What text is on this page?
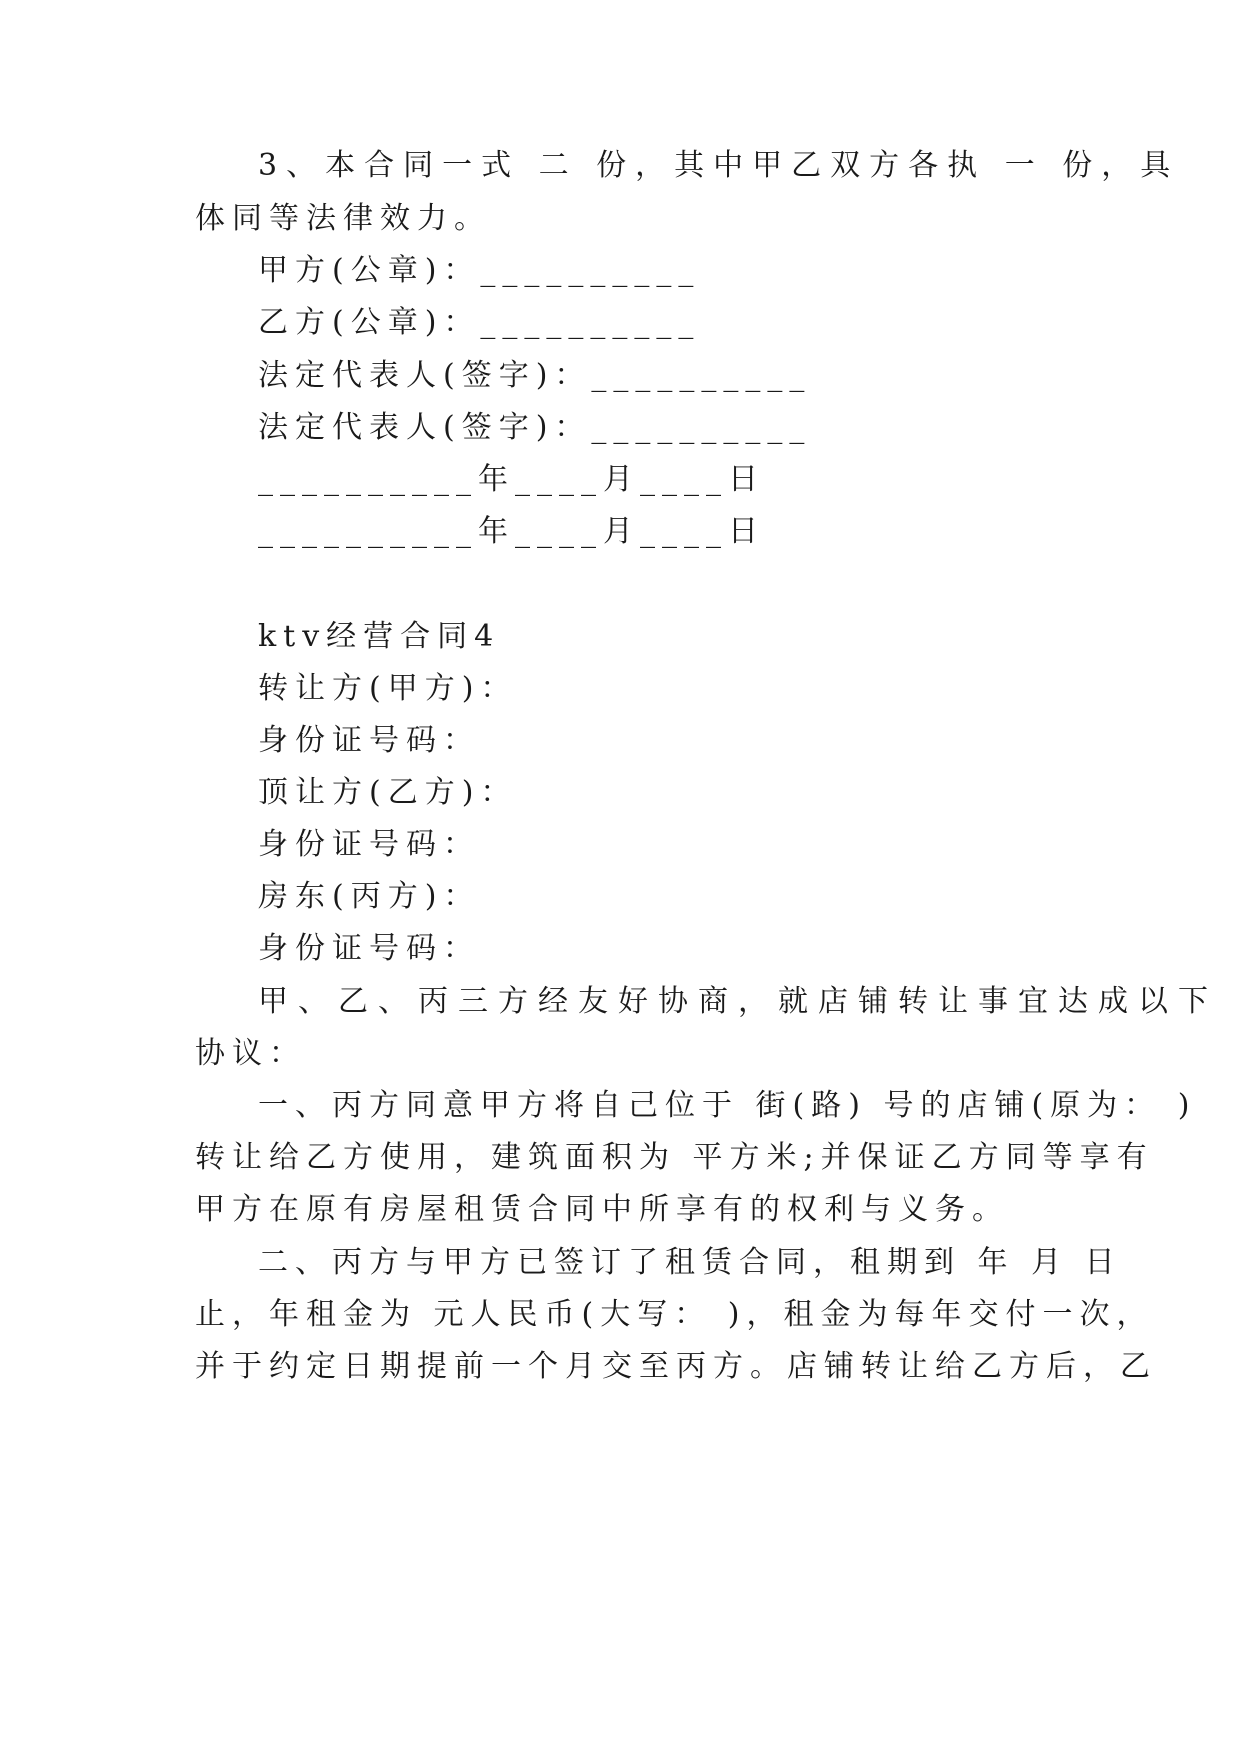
3、本合同一式 二 份，其中甲乙双方各执 一 份，具
体同等法律效力。
甲方(公章)：__________
乙方(公章)：__________
法定代表人(签字)：__________
法定代表人(签字)：__________
__________年____月____日
__________年____月____日
ktv经营合同4
转让方(甲方)：
身份证号码：
顶让方(乙方)：
身份证号码：
房东(丙方)：
身份证号码：
甲、乙、丙三方经友好协商，就店铺转让事宜达成以下
协议：
一、丙方同意甲方将自己位于 街(路) 号的店铺(原为： )
转让给乙方使用，建筑面积为 平方米;并保证乙方同等享有
甲方在原有房屋租赁合同中所享有的权利与义务。
二、丙方与甲方已签订了租赁合同，租期到 年 月 日
止，年租金为 元人民币(大写： )，租金为每年交付一次，
并于约定日期提前一个月交至丙方。店铺转让给乙方后，乙
